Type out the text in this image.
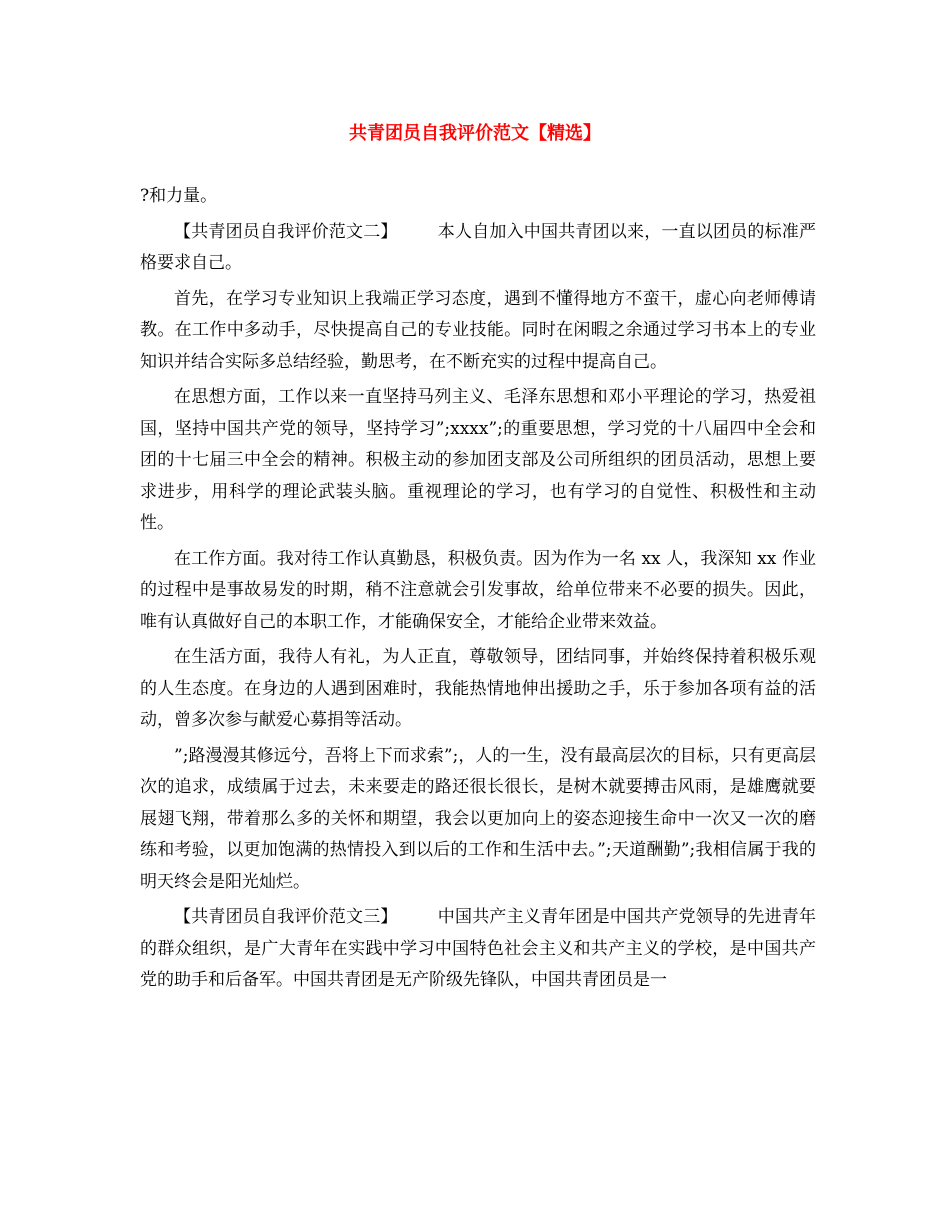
共青团员自我评价范文【精选】

?和力量。

【共青团员自我评价范文二】 本人自加入中国共青团以来，一直以团员的标准严格要求自己。

首先，在学习专业知识上我端正学习态度，遇到不懂得地方不蛮干，虚心向老师傅请教。在工作中多动手，尽快提高自己的专业技能。同时在闲暇之余通过学习书本上的专业知识并结合实际多总结经验，勤思考，在不断充实的过程中提高自己。

在思想方面，工作以来一直坚持马列主义、毛泽东思想和邓小平理论的学习，热爱祖国，坚持中国共产党的领导，坚持学习”;xxxx”;的重要思想，学习党的十八届四中全会和团的十七届三中全会的精神。积极主动的参加团支部及公司所组织的团员活动，思想上要求进步，用科学的理论武装头脑。重视理论的学习，也有学习的自觉性、积极性和主动性。

在工作方面。我对待工作认真勤恳，积极负责。因为作为一名 xx 人，我深知 xx 作业的过程中是事故易发的时期，稍不注意就会引发事故，给单位带来不必要的损失。因此，唯有认真做好自己的本职工作，才能确保安全，才能给企业带来效益。

在生活方面，我待人有礼，为人正直，尊敬领导，团结同事，并始终保持着积极乐观的人生态度。在身边的人遇到困难时，我能热情地伸出援助之手，乐于参加各项有益的活动，曾多次参与献爱心募捐等活动。

”;路漫漫其修远兮，吾将上下而求索”;，人的一生，没有最高层次的目标，只有更高层次的追求，成绩属于过去，未来要走的路还很长很长，是树木就要搏击风雨，是雄鹰就要展翅飞翔，带着那么多的关怀和期望，我会以更加向上的姿态迎接生命中一次又一次的磨练和考验，以更加饱满的热情投入到以后的工作和生活中去。”;天道酬勤”;我相信属于我的明天终会是阳光灿烂。

【共青团员自我评价范文三】 中国共产主义青年团是中国共产党领导的先进青年的群众组织，是广大青年在实践中学习中国特色社会主义和共产主义的学校，是中国共产党的助手和后备军。中国共青团是无产阶级先锋队，中国共青团员是一
